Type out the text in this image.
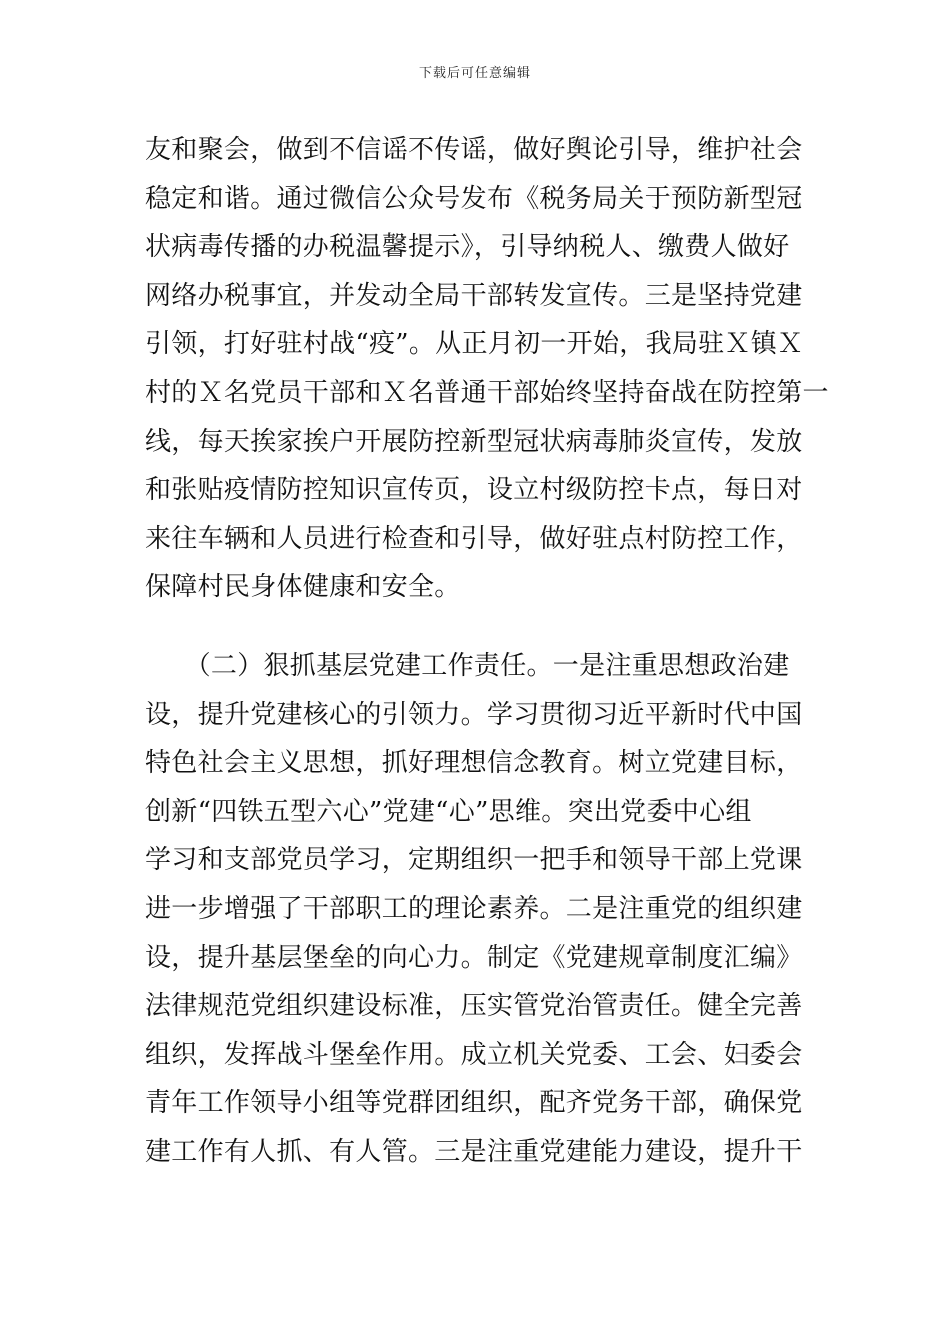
下载后可任意编辑
友和聚会，做到不信谣不传谣，做好舆论引导，维护社会
稳定和谐。通过微信公众号发布《税务局关于预防新型冠
状病毒传播的办税温馨提示》，引导纳税人、缴费人做好
网络办税事宜，并发动全局干部转发宣传。三是坚持党建
引领，打好驻村战“疫”。从正月初一开始，我局驻Ｘ镇Ｘ
村的Ｘ名党员干部和Ｘ名普通干部始终坚持奋战在防控第一
线，每天挨家挨户开展防控新型冠状病毒肺炎宣传，发放
和张贴疫情防控知识宣传页，设立村级防控卡点，每日对
来往车辆和人员进行检查和引导，做好驻点村防控工作，
保障村民身体健康和安全。
　　（二）狠抓基层党建工作责任。一是注重思想政治建
设，提升党建核心的引领力。学习贯彻习近平新时代中国
特色社会主义思想，抓好理想信念教育。树立党建目标，
创新“四铁五型六心”党建“心”思维。突出党委中心组
学习和支部党员学习，定期组织一把手和领导干部上党课
进一步增强了干部职工的理论素养。二是注重党的组织建
设，提升基层堡垒的向心力。制定《党建规章制度汇编》
法律规范党组织建设标准，压实管党治管责任。健全完善
组织，发挥战斗堡垒作用。成立机关党委、工会、妇委会
青年工作领导小组等党群团组织，配齐党务干部，确保党
建工作有人抓、有人管。三是注重党建能力建设，提升干
